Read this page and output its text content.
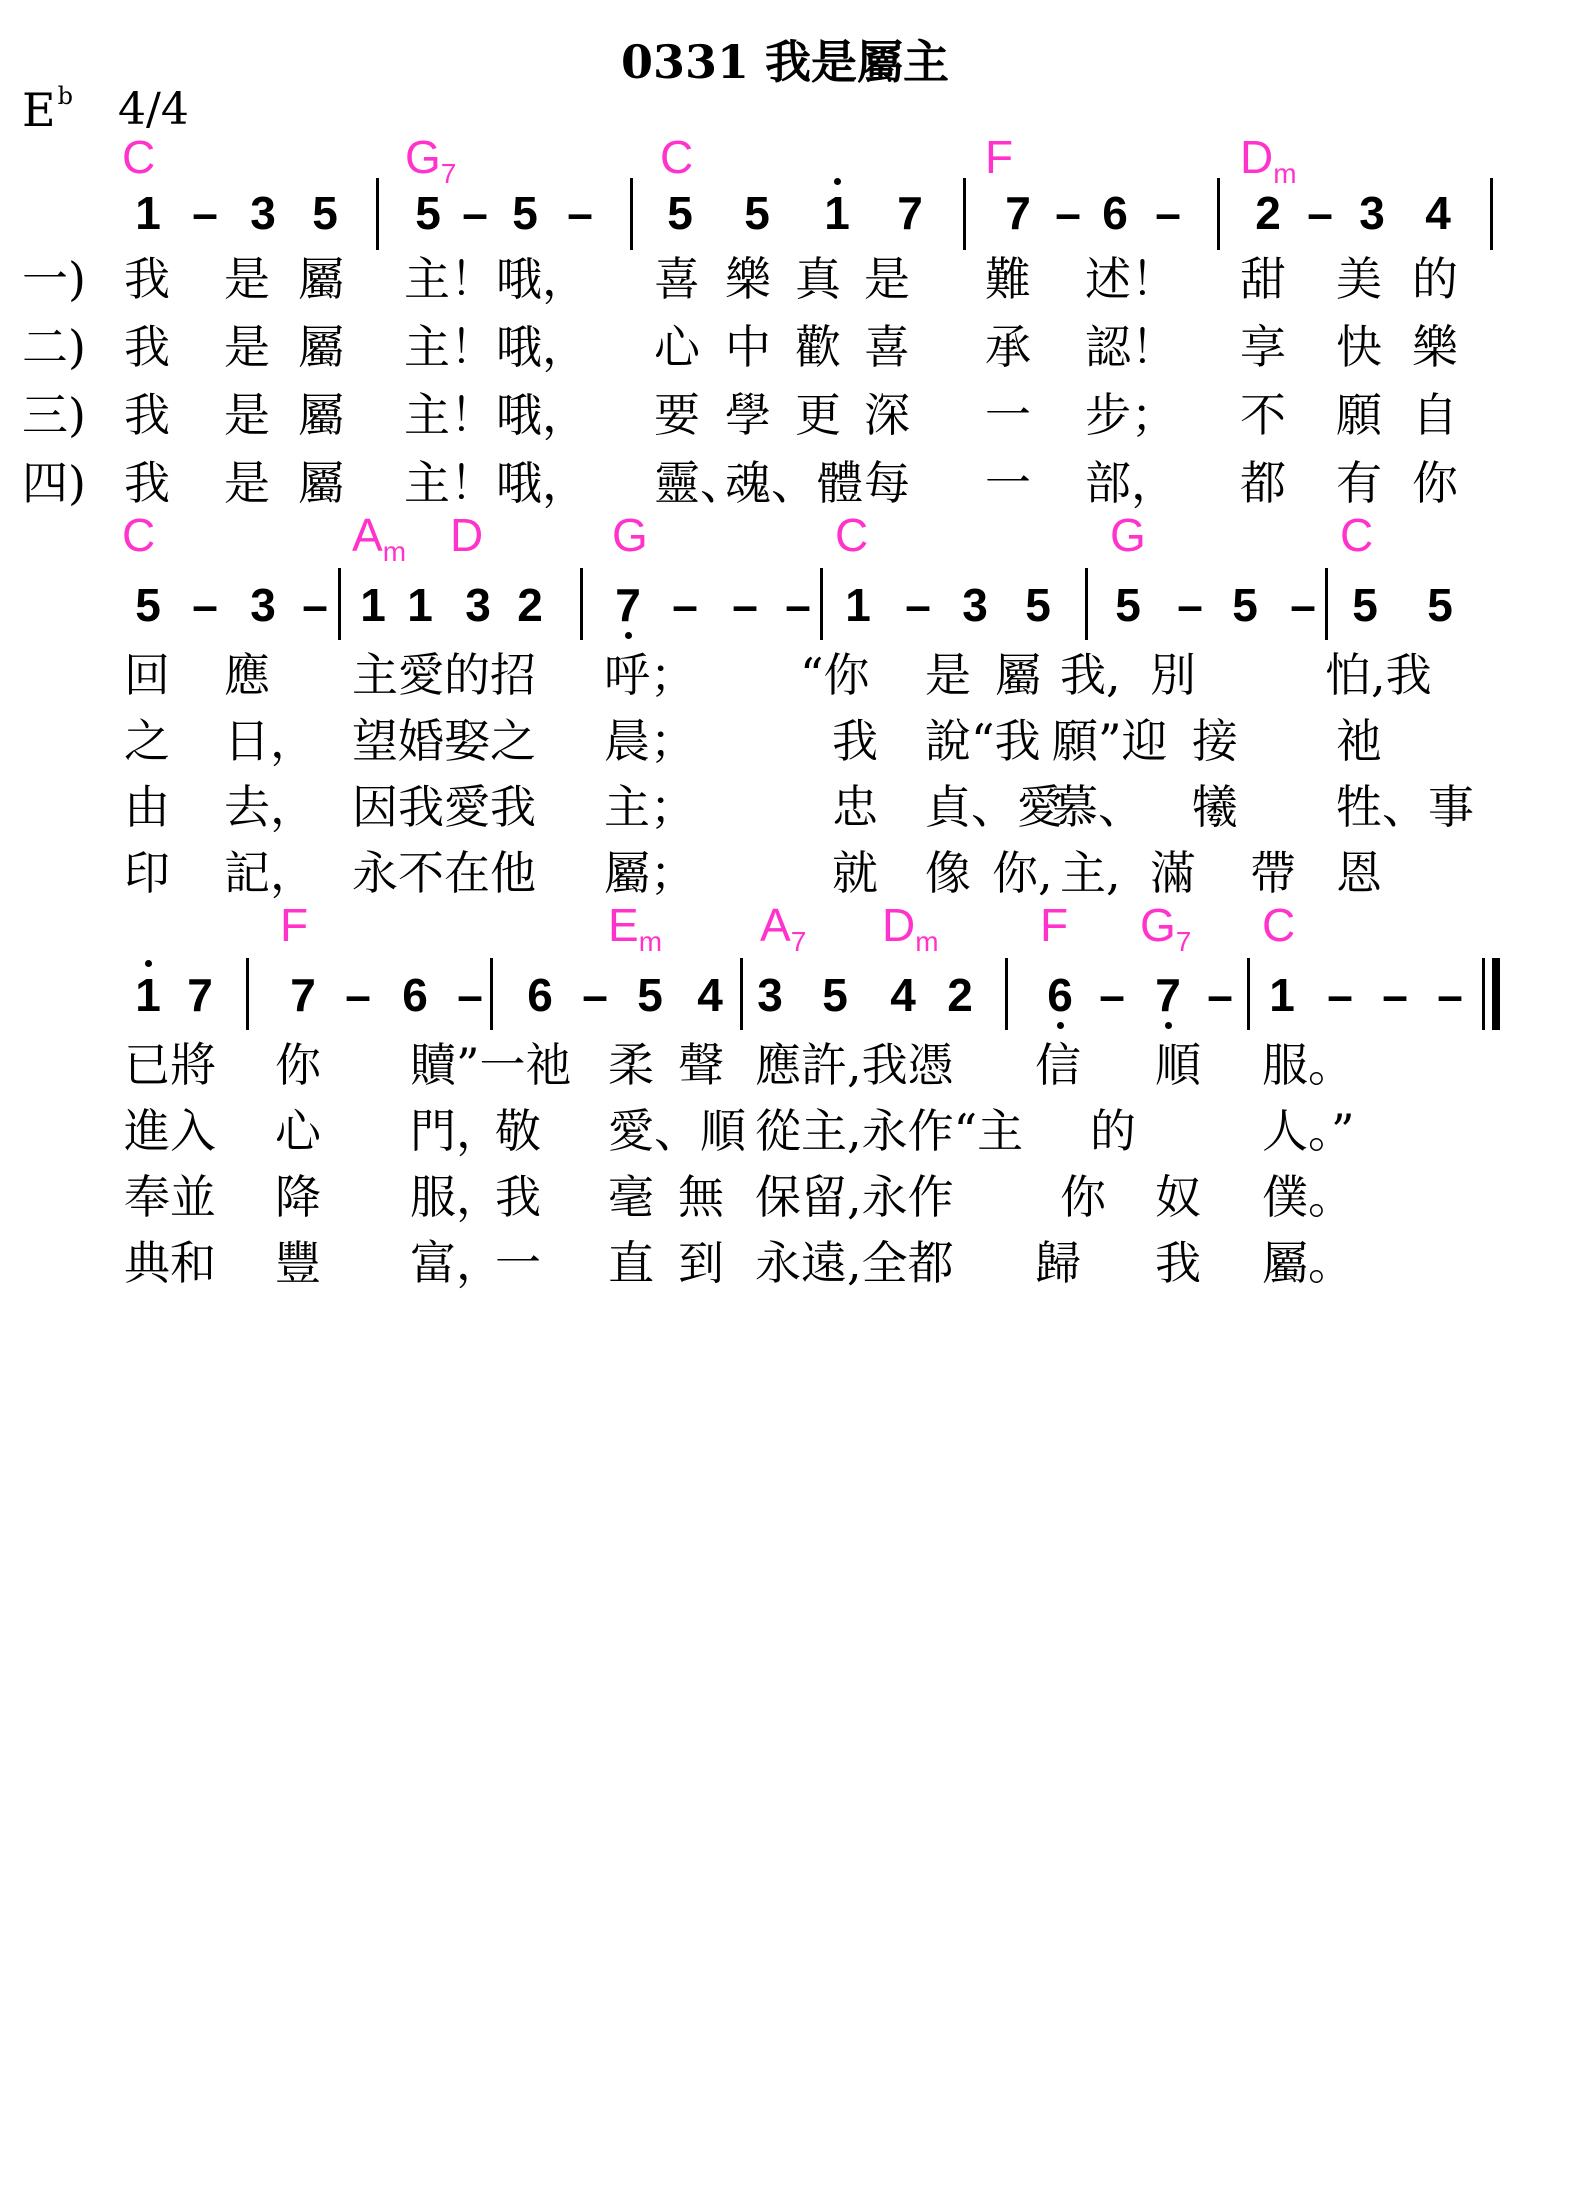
0331 我是屬主
$E^b$ 4/4
C	$G_7$	C	F	$D_m$
1 – 3 5 5 – 5 – 5 5 1 7 7 – 6 – 2 – 3 4
一)
二)
三)
四)
我 是 屬 主！哦， 喜 樂 真 是 難 述！ 甜 美 的
我 是 屬 主！哦， 心 中 歡 喜 承 認！ 享 快 樂
我 是 屬 主！哦， 要 學 更 深 一 步； 不 願 自
我 是 屬 主！哦， 靈、
魂、體 每 一 部， 都 有 你
C	$A_m$ D	G	C	G	C
5 – 3 – 1 1 3 2 7 – – – 1 – 3 5 5 – 5 – 5 5
回 應 主愛的招 呼； “你 是 屬 我, 別	怕,我
之 日， 望婚娶之 晨；	我 說“我 願”迎 接 祂
由 去， 因我愛我 主；	忠 貞、愛
慕、 犧 牲、事
印 記， 永不在他 屬；	就 像 你, 主, 滿 帶 恩
F	$E_m$ $A_7$ $D_m$ F $G_7$ C
1 7 7 – 6 – 6 – 5 4 3 5 4 2 6 – 7 – 1 – – –
已將 你 贖”一祂 柔 聲 應許,我憑 信 順 服。
進入 心 門，
敬 愛、順 從主,永作“主 的	人。”
奉並 降 服，
我 毫 無 保留,永作 你 奴 僕。
典和 豐 富，
一 直 到 永遠,全都 歸 我 屬。
